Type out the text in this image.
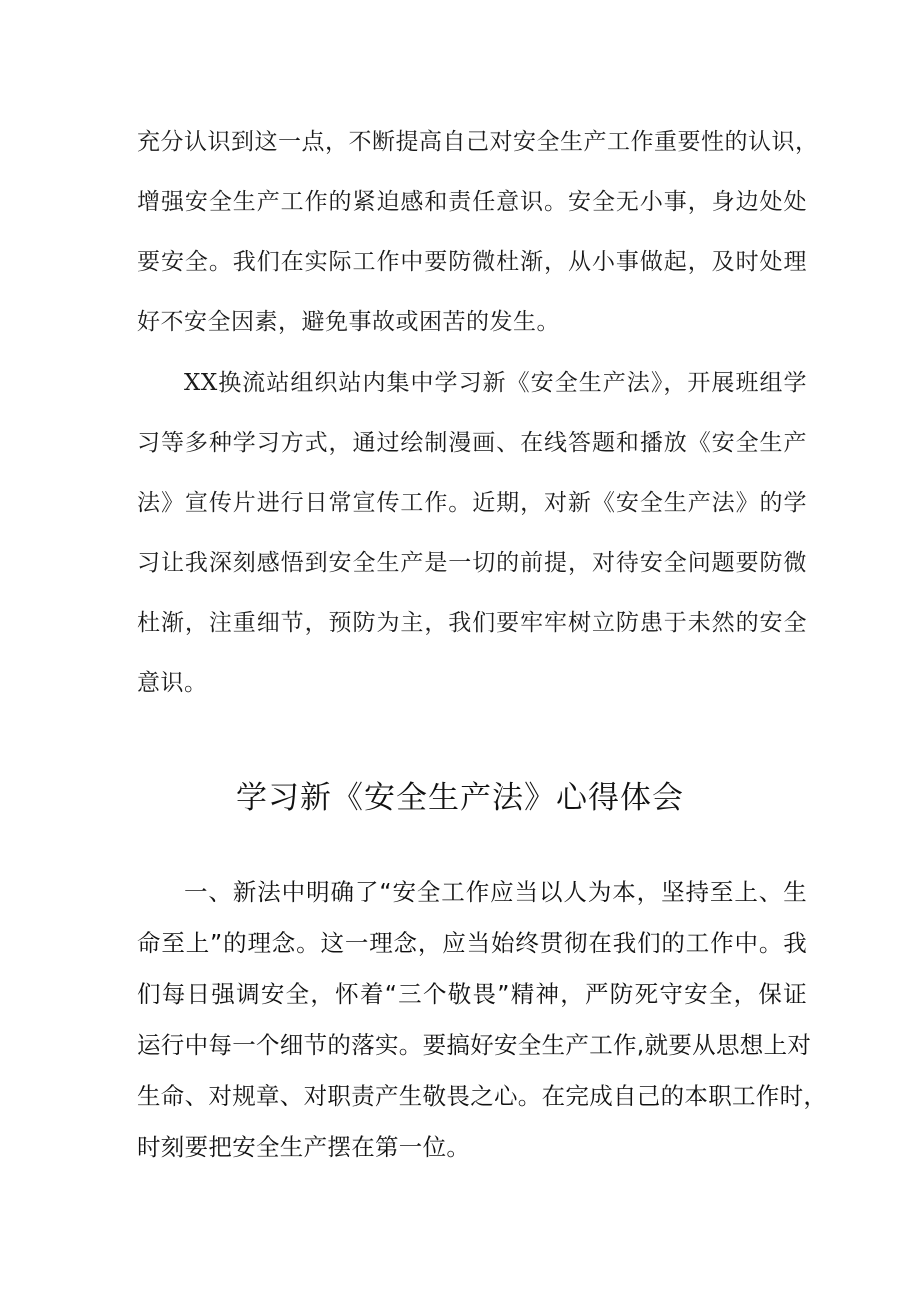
充分认识到这一点，不断提高自己对安全生产工作重要性的认识，
增强安全生产工作的紧迫感和责任意识。安全无小事，身边处处
要安全。我们在实际工作中要防微杜渐，从小事做起，及时处理
好不安全因素，避免事故或困苦的发生。
XX换流站组织站内集中学习新《安全生产法》，开展班组学
习等多种学习方式，通过绘制漫画、在线答题和播放《安全生产
法》宣传片进行日常宣传工作。近期，对新《安全生产法》的学
习让我深刻感悟到安全生产是一切的前提，对待安全问题要防微
杜渐，注重细节，预防为主，我们要牢牢树立防患于未然的安全
意识。
学习新《安全生产法》心得体会
一、新法中明确了“安全工作应当以人为本，坚持至上、生
命至上”的理念。这一理念，应当始终贯彻在我们的工作中。我
们每日强调安全，怀着“三个敬畏”精神，严防死守安全，保证
运行中每一个细节的落实。要搞好安全生产工作,就要从思想上对
生命、对规章、对职责产生敬畏之心。在完成自己的本职工作时，
时刻要把安全生产摆在第一位。
